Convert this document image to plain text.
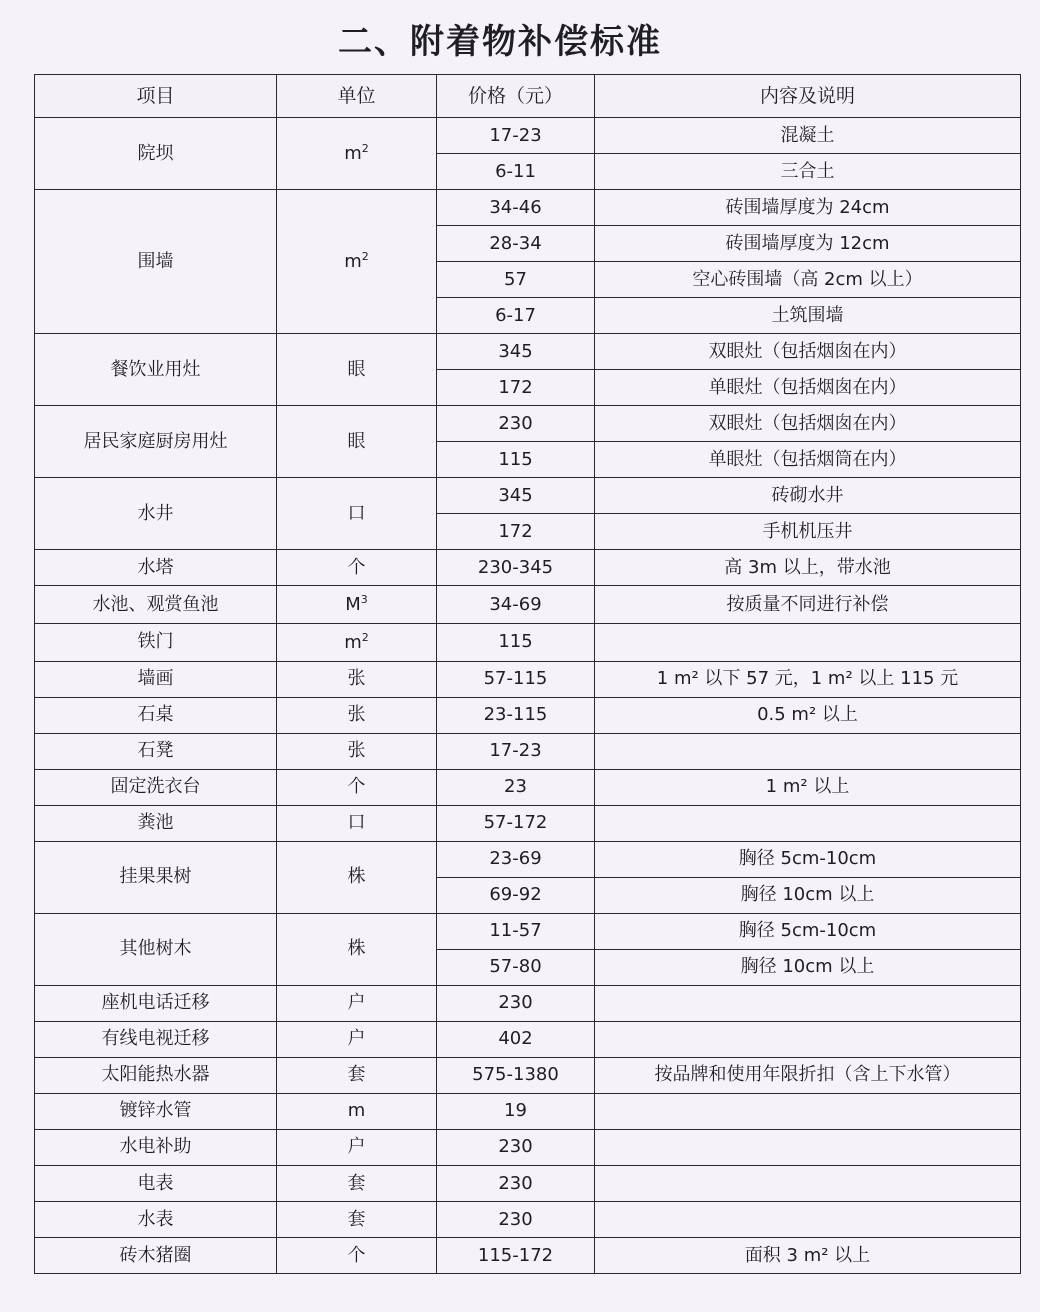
二、附着物补偿标准
项目	单位	价格（元）	内容及说明
院坝	$m^2$	17-23	混凝土
		6-11	三合土
围墙	$m^2$	34-46	砖围墙厚度为 24cm
		28-34	砖围墙厚度为 12cm
		57	空心砖围墙（高 2cm 以上）
		6-17	土筑围墙
餐饮业用灶	眼	345	双眼灶（包括烟囱在内）
		172	单眼灶（包括烟囱在内）
居民家庭厨房用灶	眼	230	双眼灶（包括烟囱在内）
		115	单眼灶（包括烟筒在内）
水井	口	345	砖砌水井
		172	手机机压井
水塔	个	230-345	高 3m 以上，带水池
水池、观赏鱼池	$M^3$	34-69	按质量不同进行补偿
铁门	$m^2$	115	
墙画	张	57-115	1 m² 以下 57 元，1 m² 以上 115 元
石桌	张	23-115	0.5 m² 以上
石凳	张	17-23	
固定洗衣台	个	23	1 m² 以上
粪池	口	57-172	
挂果果树	株	23-69	胸径 5cm-10cm
		69-92	胸径 10cm 以上
其他树木	株	11-57	胸径 5cm-10cm
		57-80	胸径 10cm 以上
座机电话迁移	户	230	
有线电视迁移	户	402	
太阳能热水器	套	575-1380	按品牌和使用年限折扣（含上下水管）
镀锌水管	m	19	
水电补助	户	230	
电表	套	230	
水表	套	230	
砖木猪圈	个	115-172	面积 3 m² 以上
